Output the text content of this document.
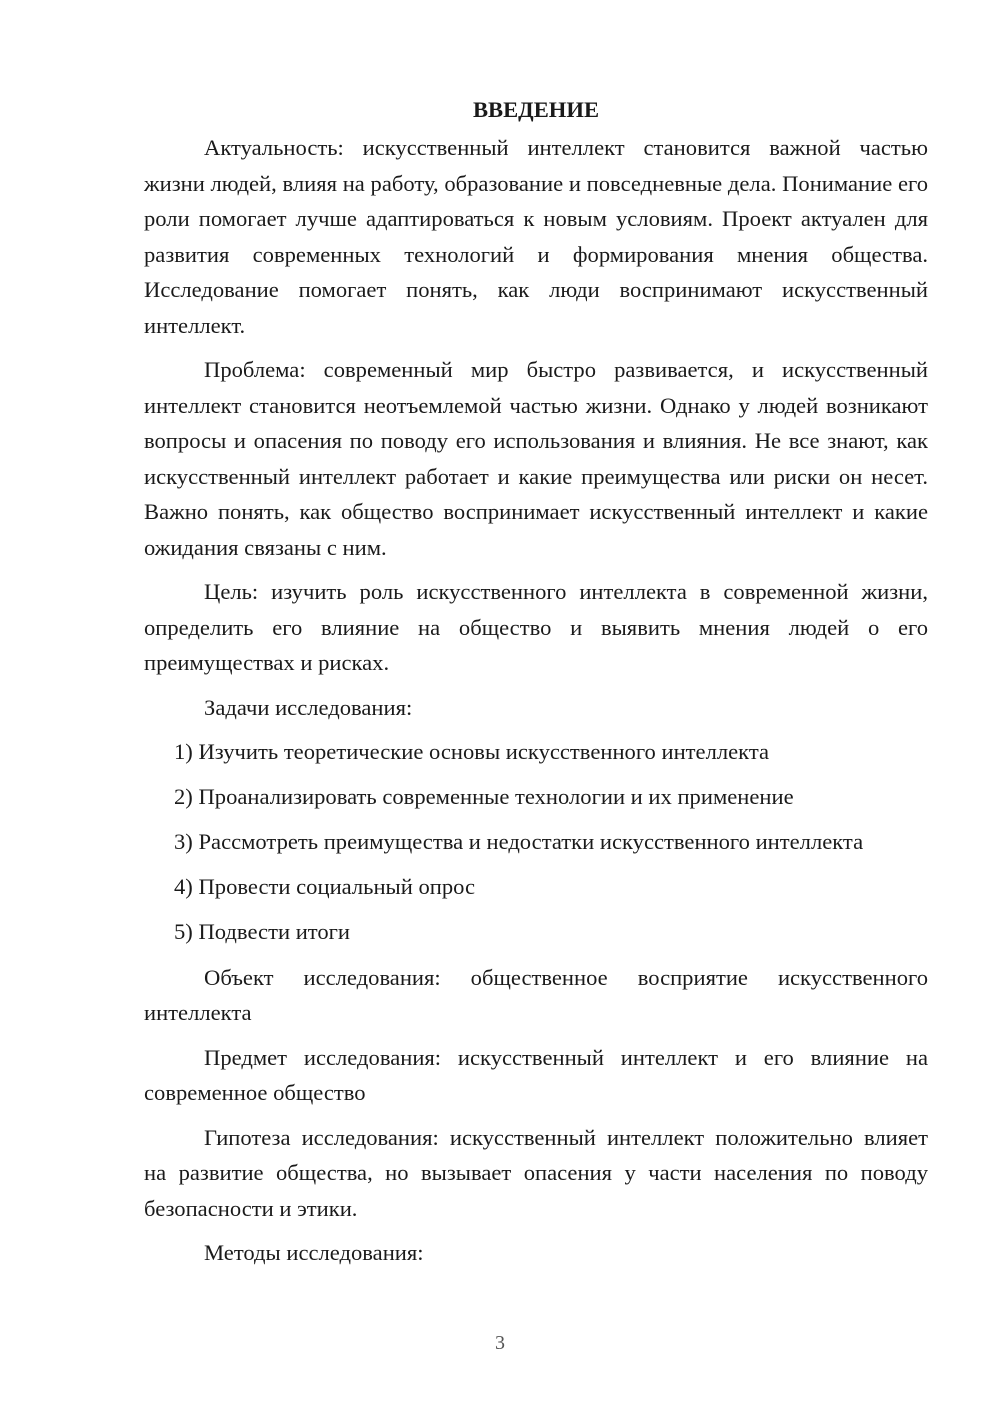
ВВЕДЕНИЕ

Актуальность: искусственный интеллект становится важной частью жизни людей, влияя на работу, образование и повседневные дела. Понимание его роли помогает лучше адаптироваться к новым условиям. Проект актуален для развития современных технологий и формирования мнения общества. Исследование помогает понять, как люди воспринимают искусственный интеллект.

Проблема: современный мир быстро развивается, и искусственный интеллект становится неотъемлемой частью жизни. Однако у людей возникают вопросы и опасения по поводу его использования и влияния. Не все знают, как искусственный интеллект работает и какие преимущества или риски он несет. Важно понять, как общество воспринимает искусственный интеллект и какие ожидания связаны с ним.

Цель: изучить роль искусственного интеллекта в современной жизни, определить его влияние на общество и выявить мнения людей о его преимуществах и рисках.

Задачи исследования:

1) Изучить теоретические основы искусственного интеллекта
2) Проанализировать современные технологии и их применение
3) Рассмотреть преимущества и недостатки искусственного интеллекта
4) Провести социальный опрос
5) Подвести итоги

Объект исследования: общественное восприятие искусственного интеллекта

Предмет исследования: искусственный интеллект и его влияние на современное общество

Гипотеза исследования: искусственный интеллект положительно влияет на развитие общества, но вызывает опасения у части населения по поводу безопасности и этики.

Методы исследования:

3
